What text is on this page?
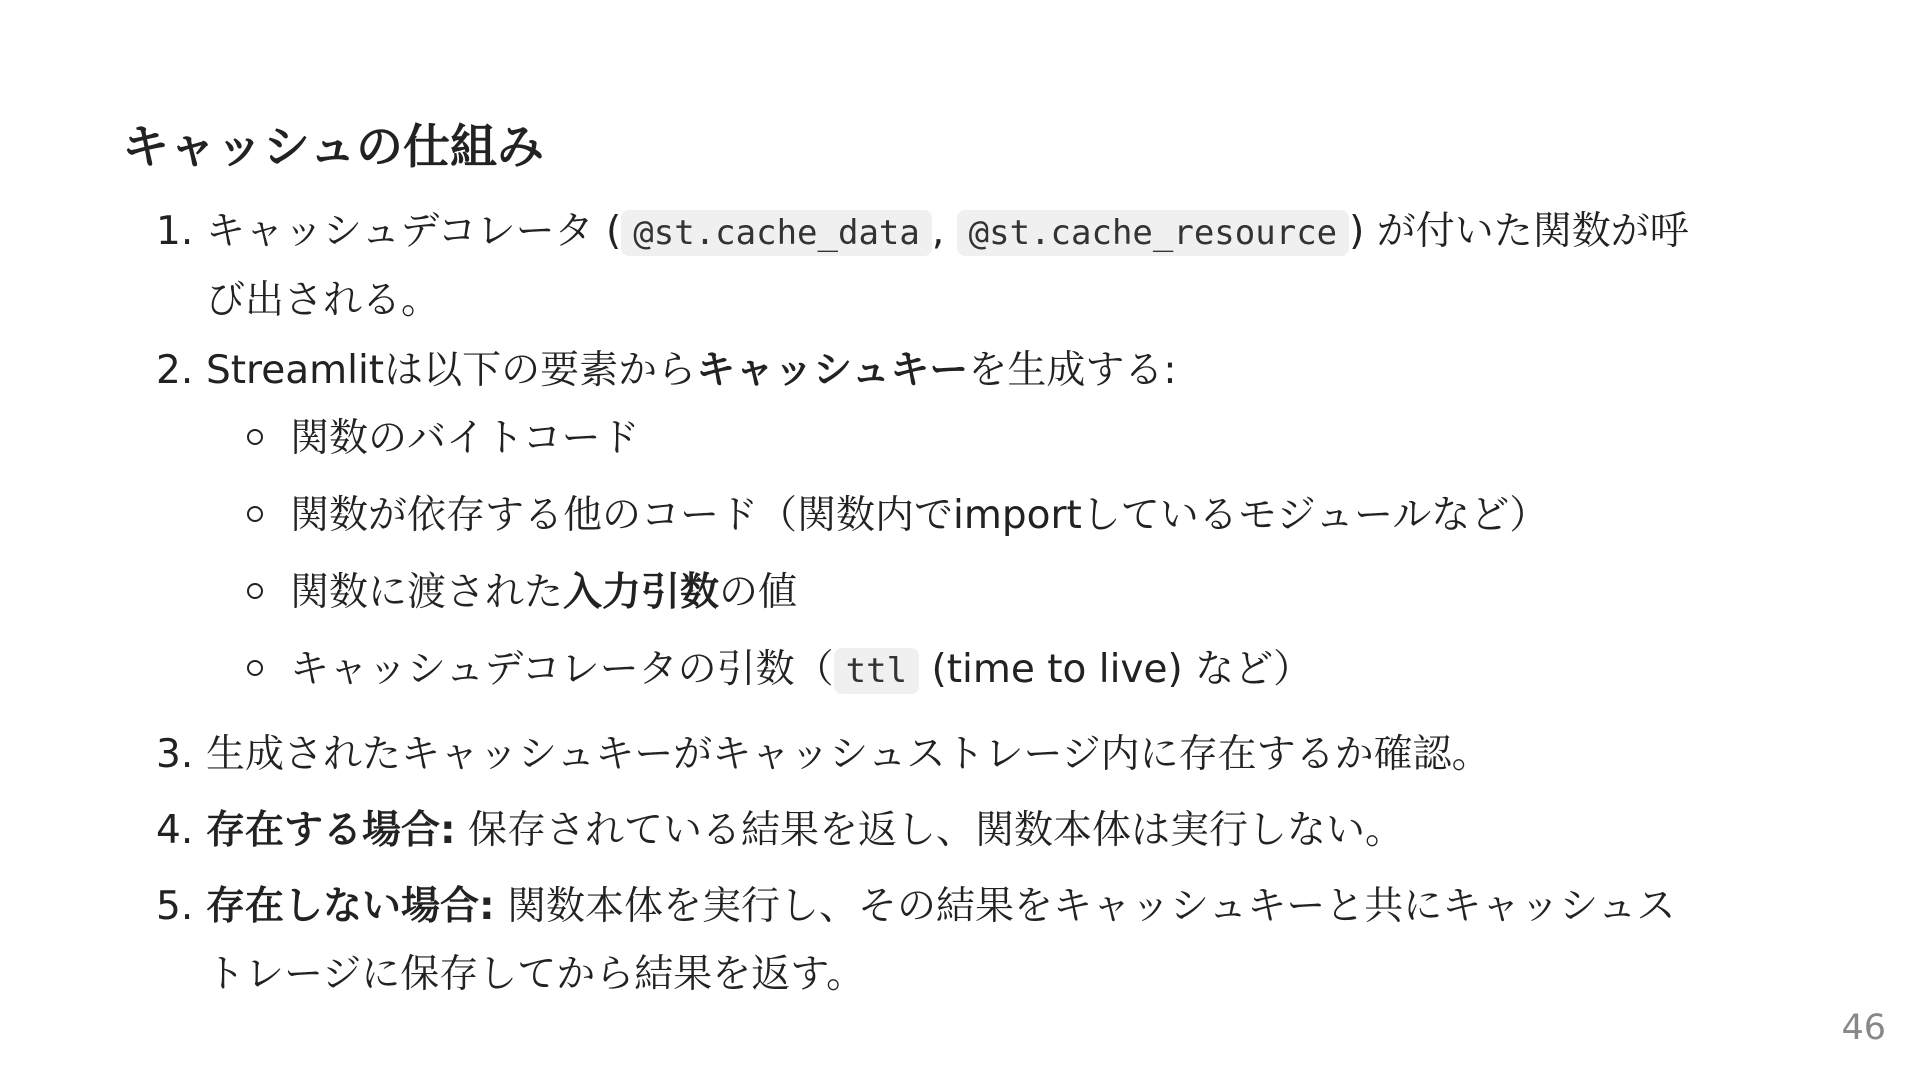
キャッシュの仕組み
1. キャッシュデコレータ ( @st.cache_data , @st.cache_resource ) が付いた関数が呼
び出される。
2. Streamlitは以下の要素からキャッシュキーを生成する:
関数のバイトコード
関数が依存する他のコード（関数内でimportしているモジュールなど）
関数に渡された入力引数の値
キャッシュデコレータの引数（ ttl (time to live) など）
3. 生成されたキャッシュキーがキャッシュストレージ内に存在するか確認。
4. 存在する場合: 保存されている結果を返し、関数本体は実行しない。
5. 存在しない場合: 関数本体を実行し、その結果をキャッシュキーと共にキャッシュス
トレージに保存してから結果を返す。
46
